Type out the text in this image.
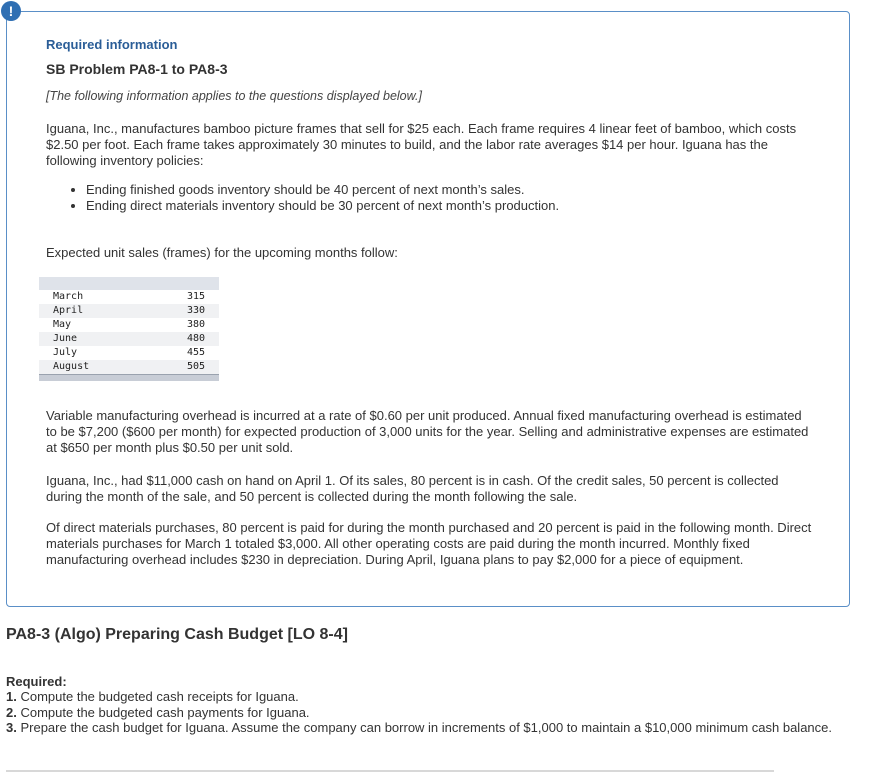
!
Required information
SB Problem PA8-1 to PA8-3
[The following information applies to the questions displayed below.]
Iguana, Inc., manufactures bamboo picture frames that sell for $25 each. Each frame requires 4 linear feet of bamboo, which costs $2.50 per foot. Each frame takes approximately 30 minutes to build, and the labor rate averages $14 per hour. Iguana has the following inventory policies:
• Ending finished goods inventory should be 40 percent of next month’s sales.
• Ending direct materials inventory should be 30 percent of next month’s production.
Expected unit sales (frames) for the upcoming months follow:
Variable manufacturing overhead is incurred at a rate of $0.60 per unit produced. Annual fixed manufacturing overhead is estimated to be $7,200 ($600 per month) for expected production of 3,000 units for the year. Selling and administrative expenses are estimated at $650 per month plus $0.50 per unit sold.
Iguana, Inc., had $11,000 cash on hand on April 1. Of its sales, 80 percent is in cash. Of the credit sales, 50 percent is collected during the month of the sale, and 50 percent is collected during the month following the sale.
Of direct materials purchases, 80 percent is paid for during the month purchased and 20 percent is paid in the following month. Direct materials purchases for March 1 totaled $3,000. All other operating costs are paid during the month incurred. Monthly fixed manufacturing overhead includes $230 in depreciation. During April, Iguana plans to pay $2,000 for a piece of equipment.
March	315
April	330
May	380
June	480
July	455
August	505
PA8-3 (Algo) Preparing Cash Budget [LO 8-4]
Required:
1. Compute the budgeted cash receipts for Iguana.
2. Compute the budgeted cash payments for Iguana.
3. Prepare the cash budget for Iguana. Assume the company can borrow in increments of $1,000 to maintain a $10,000 minimum cash balance.
